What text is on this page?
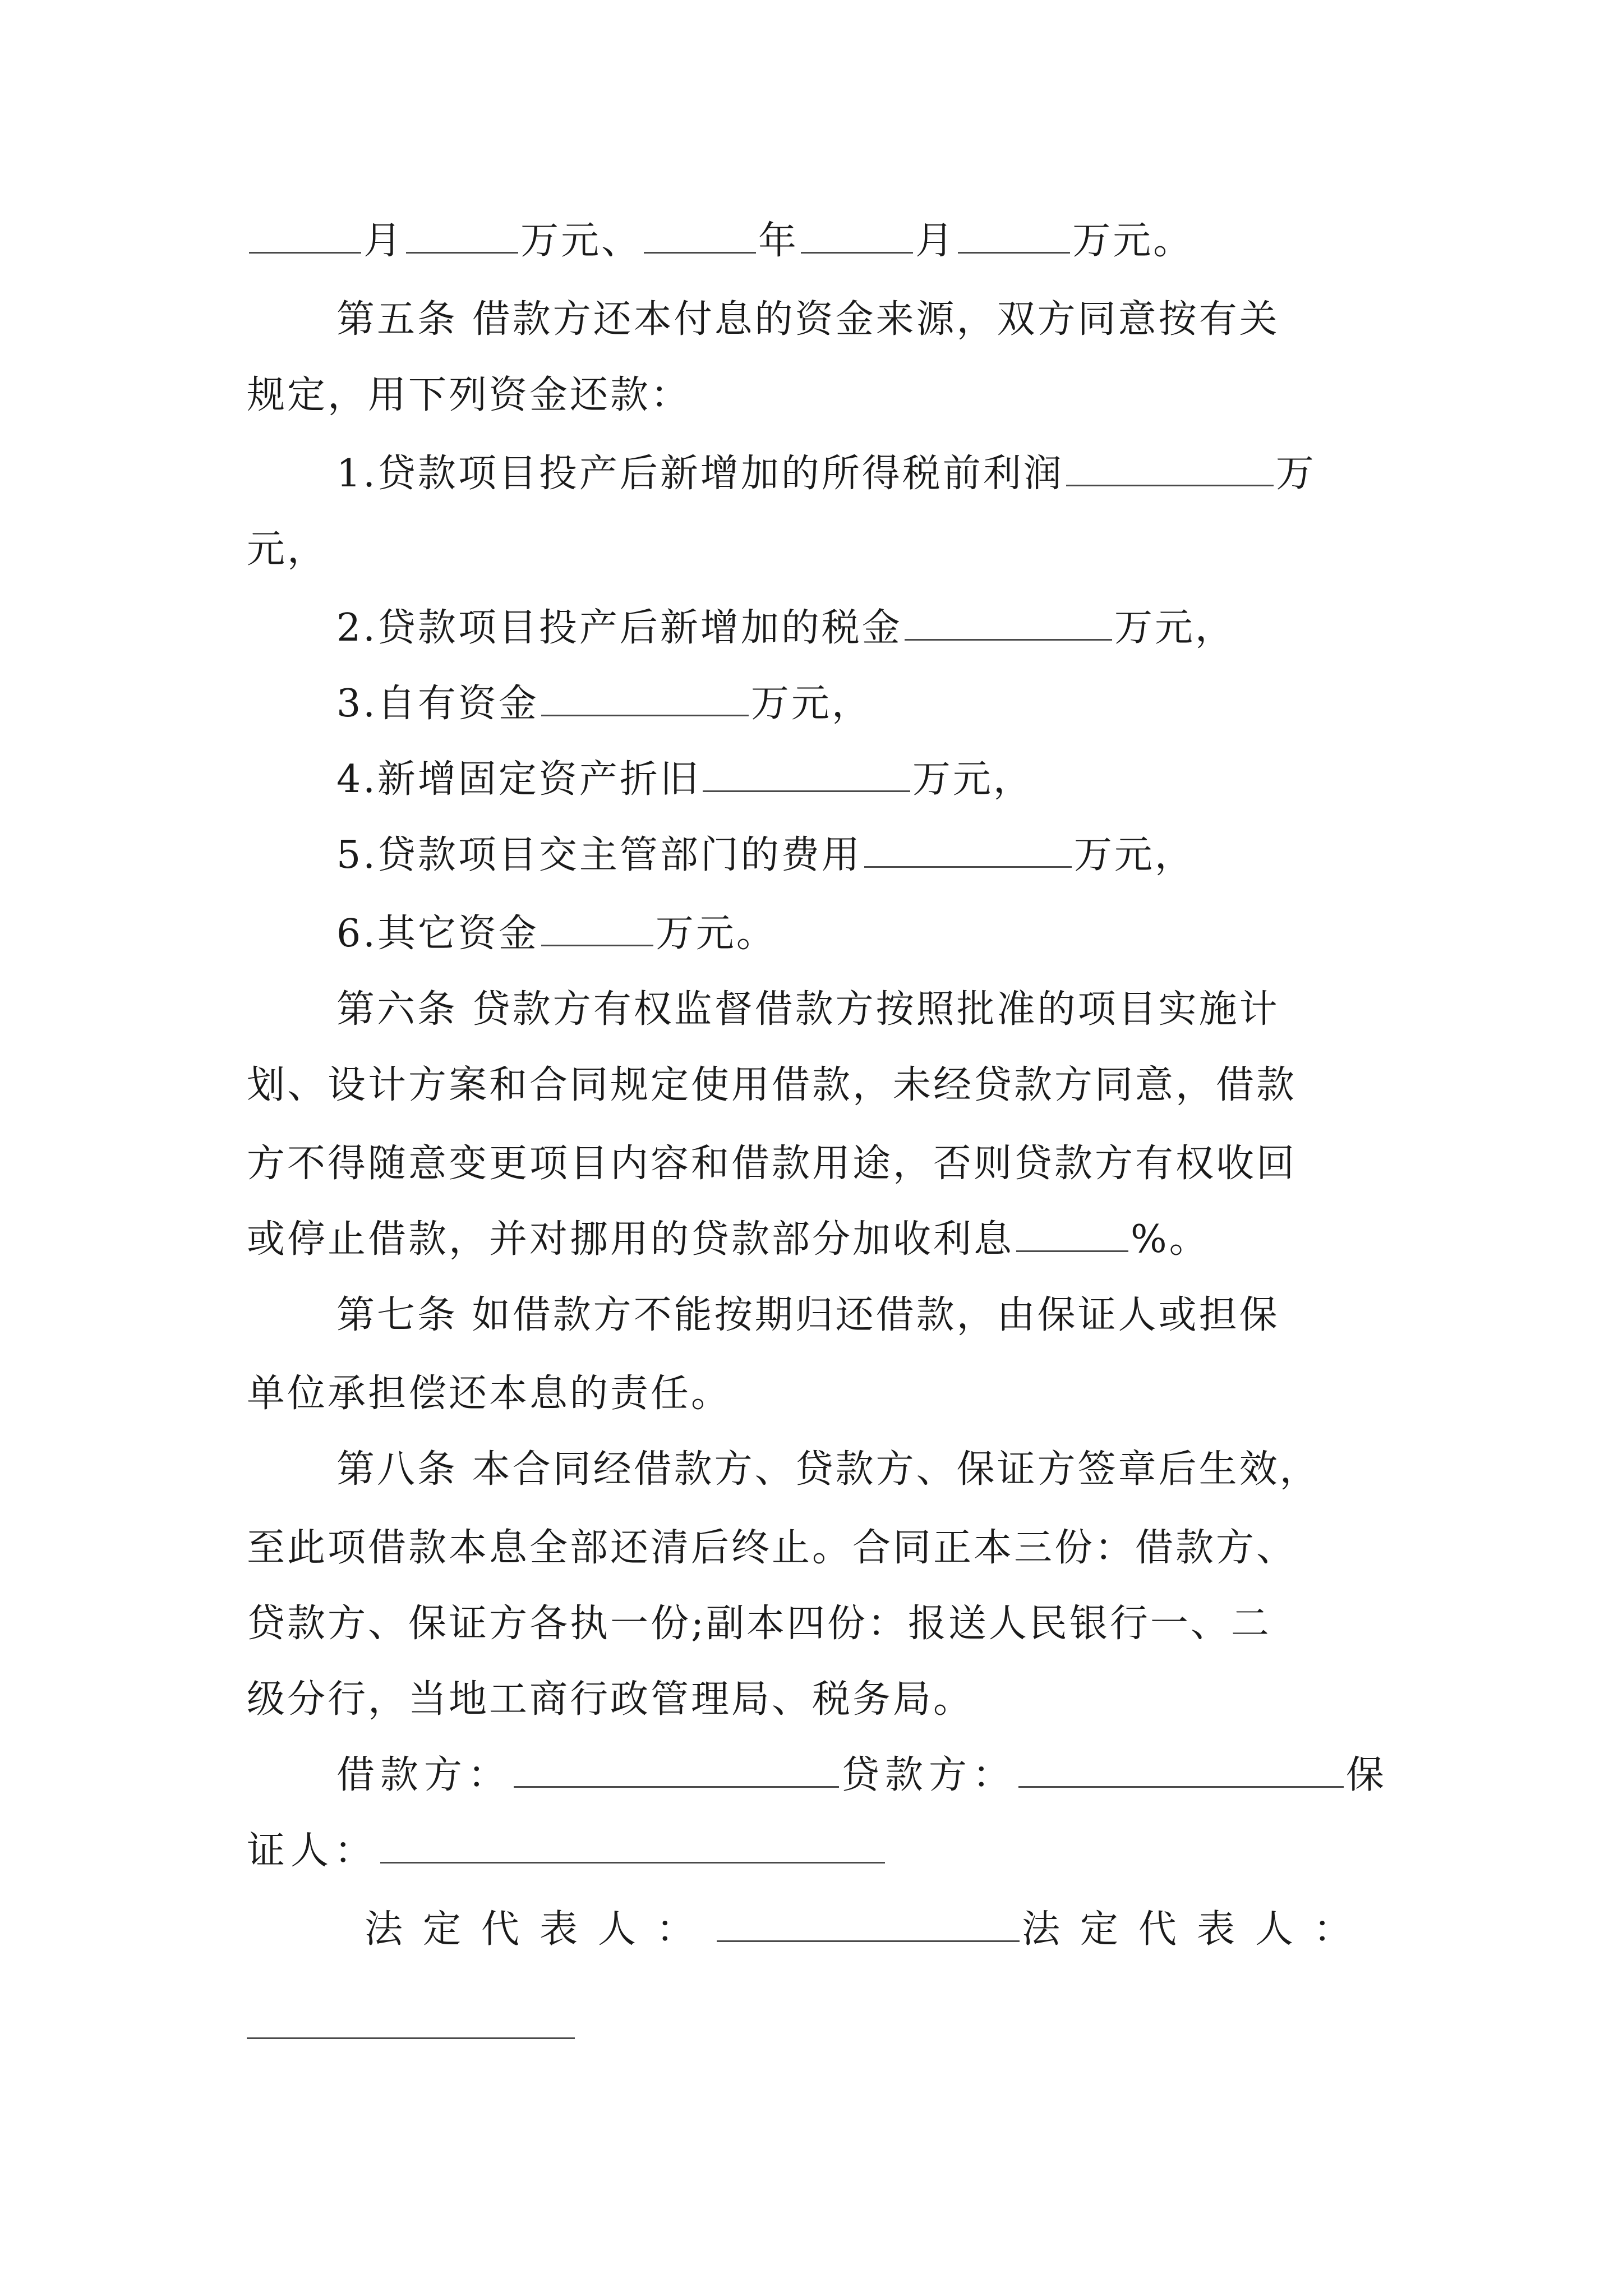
月	万元、	年	月	万元。
第五条 借款方还本付息的资金来源，双方同意按有关
规定，用下列资金还款：
1.贷款项目投产后新增加的所得税前利润	万
元，
2.贷款项目投产后新增加的税金	万元，
3.自有资金	万元，
4.新增固定资产折旧	万元，
5.贷款项目交主管部门的费用	万元，
6.其它资金	万元。
第六条 贷款方有权监督借款方按照批准的项目实施计
划、设计方案和合同规定使用借款，未经贷款方同意，借款
方不得随意变更项目内容和借款用途，否则贷款方有权收回
或停止借款，并对挪用的贷款部分加收利息	%。
第七条 如借款方不能按期归还借款，由保证人或担保
单位承担偿还本息的责任。
第八条 本合同经借款方、贷款方、保证方签章后生效，
至此项借款本息全部还清后终止。合同正本三份：借款方、
贷款方、保证方各执一份;副本四份：报送人民银行一、二
级分行，当地工商行政管理局、税务局。
借款方：	贷款方：	保
证人：
法定代表人：	法定代表人：
